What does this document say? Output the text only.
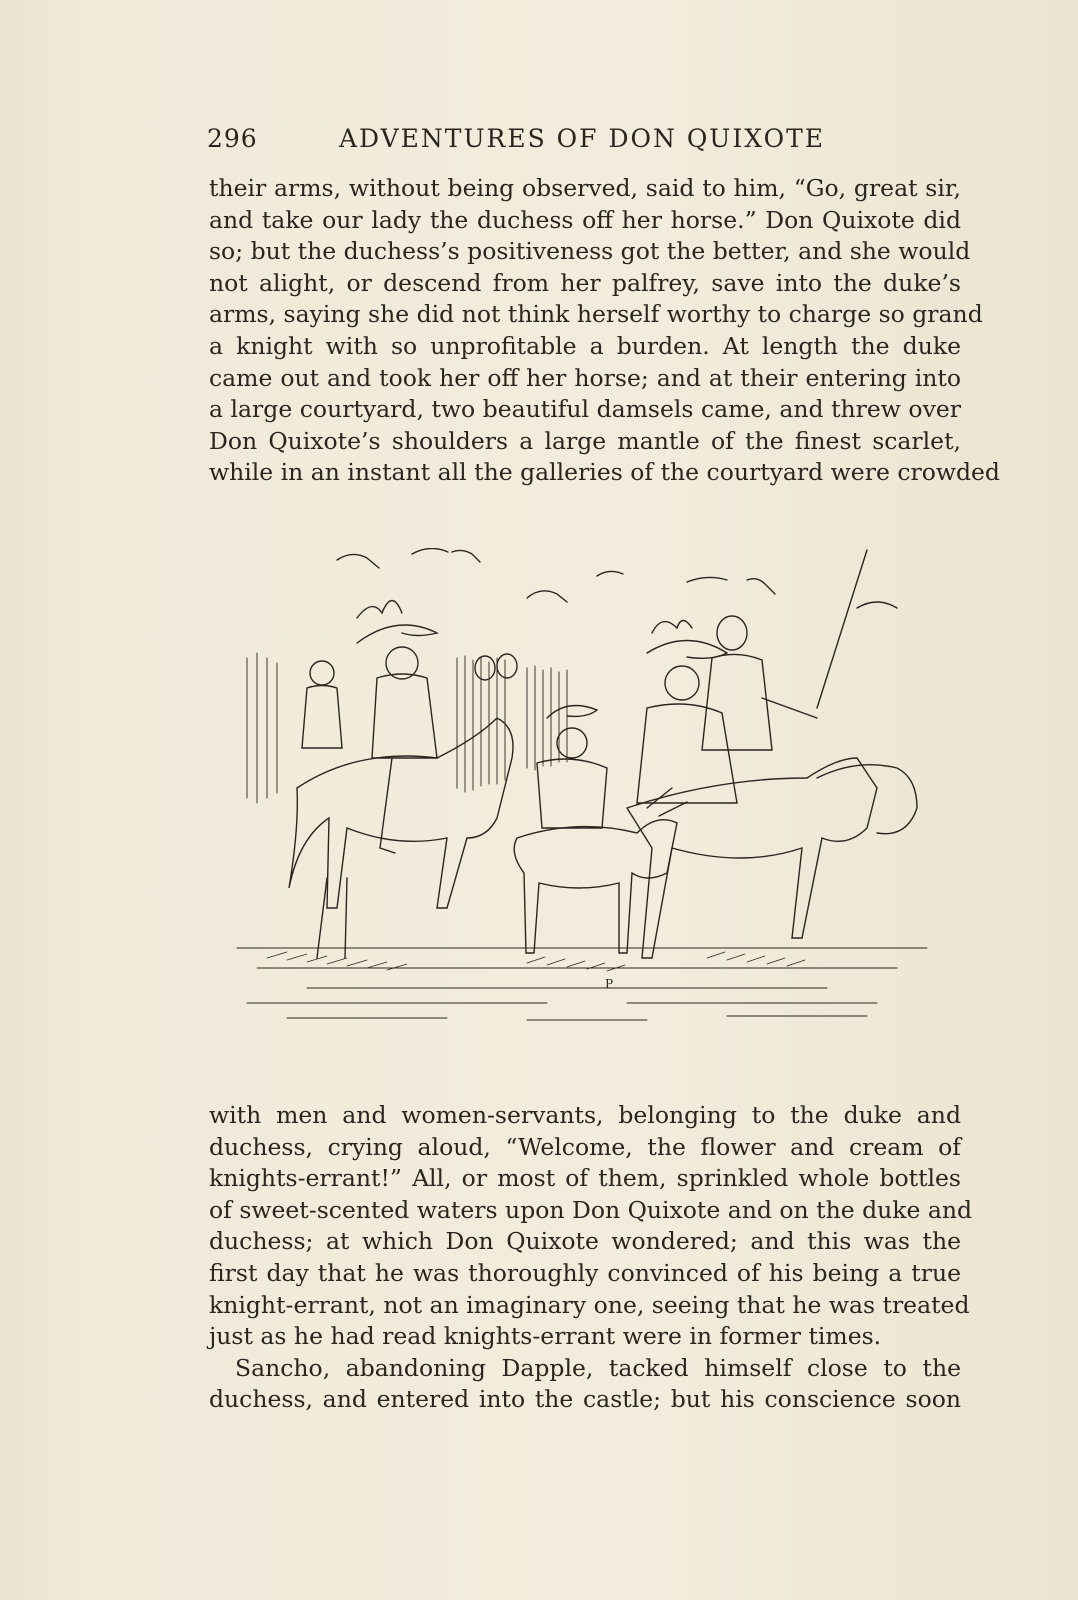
296	ADVENTURES OF DON QUIXOTE
their arms, without being observed, said to him, “Go, great sir,
and take our lady the duchess off her horse.” Don Quixote did
so; but the duchess’s positiveness got the better, and she would
not alight, or descend from her palfrey, save into the duke’s
arms, saying she did not think herself worthy to charge so grand
a knight with so unprofitable a burden. At length the duke
came out and took her off her horse; and at their entering into
a large courtyard, two beautiful damsels came, and threw over
Don Quixote’s shoulders a large mantle of the finest scarlet,
while in an instant all the galleries of the courtyard were crowded
P
with men and women-servants, belonging to the duke and
duchess, crying aloud, “Welcome, the flower and cream of
knights-errant!” All, or most of them, sprinkled whole bottles
of sweet-scented waters upon Don Quixote and on the duke and
duchess; at which Don Quixote wondered; and this was the
first day that he was thoroughly convinced of his being a true
knight-errant, not an imaginary one, seeing that he was treated
just as he had read knights-errant were in former times.
Sancho, abandoning Dapple, tacked himself close to the
duchess, and entered into the castle; but his conscience soon
